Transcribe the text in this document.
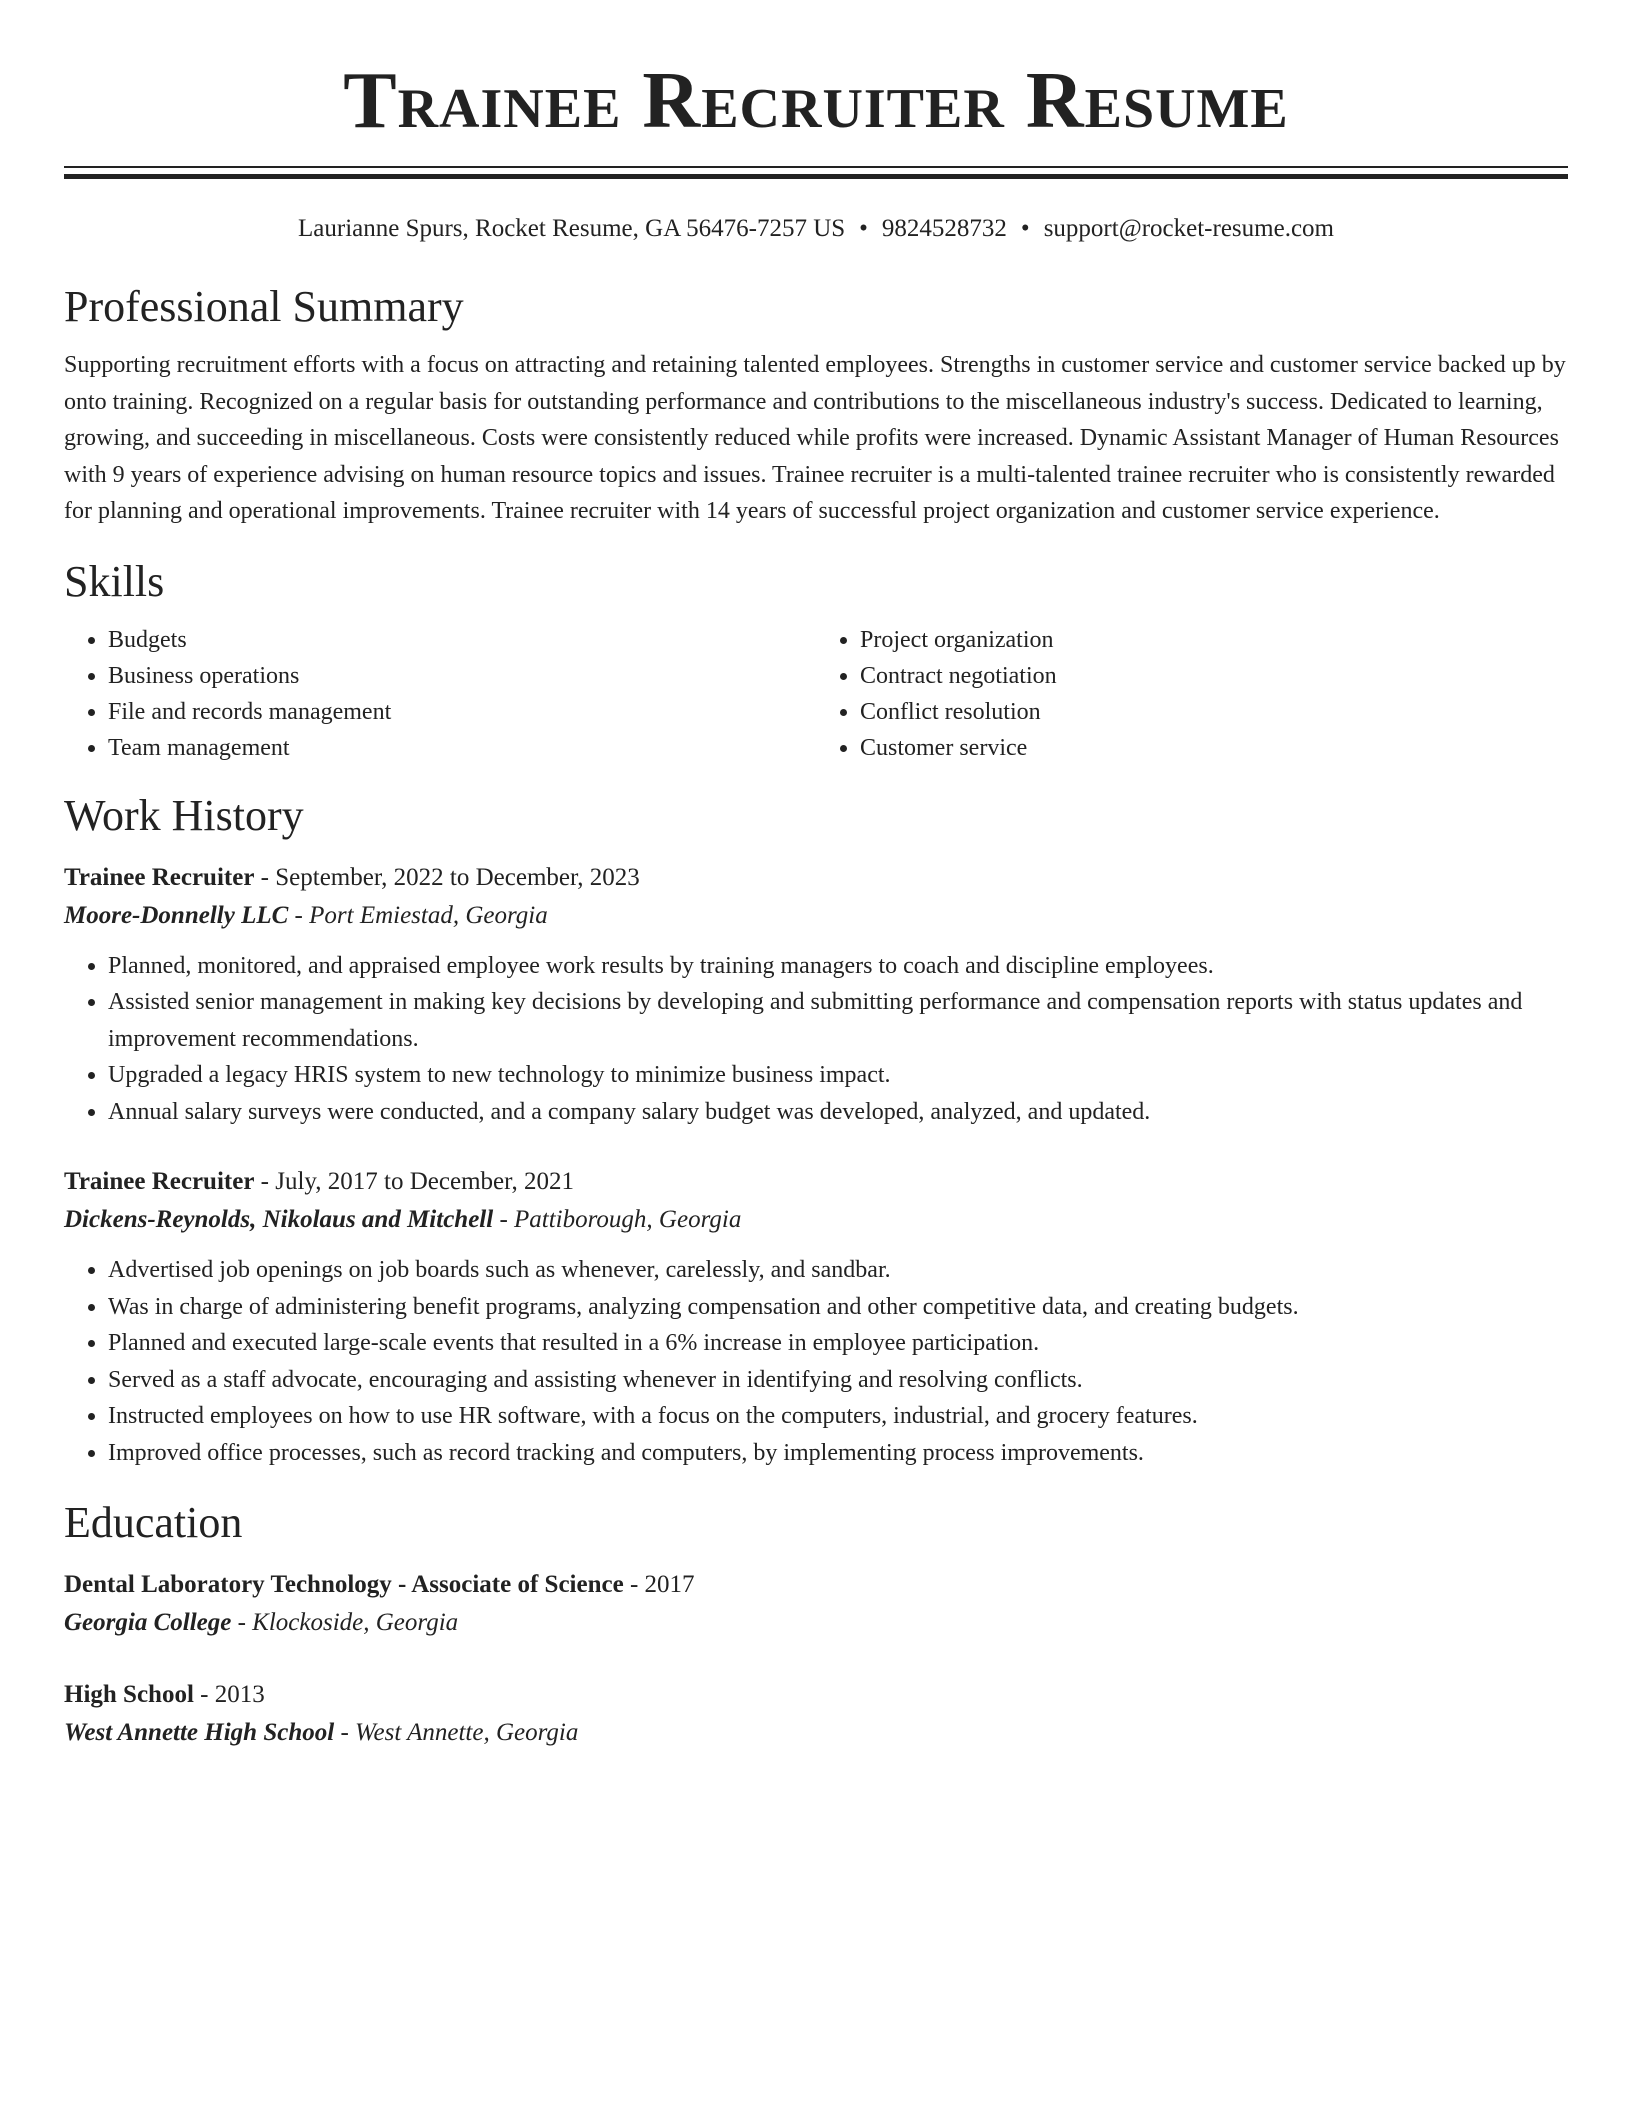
Trainee Recruiter Resume
Laurianne Spurs, Rocket Resume, GA 56476-7257 US • 9824528732 • support@rocket-resume.com
Professional Summary

Supporting recruitment efforts with a focus on attracting and retaining talented employees. Strengths in customer service and customer service backed up by onto training. Recognized on a regular basis for outstanding performance and contributions to the miscellaneous industry's success. Dedicated to learning, growing, and succeeding in miscellaneous. Costs were consistently reduced while profits were increased. Dynamic Assistant Manager of Human Resources with 9 years of experience advising on human resource topics and issues. Trainee recruiter is a multi-talented trainee recruiter who is consistently rewarded for planning and operational improvements. Trainee recruiter with 14 years of successful project organization and customer service experience.

Skills
• Budgets
• Business operations
• File and records management
• Team management
• Project organization
• Contract negotiation
• Conflict resolution
• Customer service
Work History
Trainee Recruiter - September, 2022 to December, 2023
Moore-Donnelly LLC - Port Emiestad, Georgia
• Planned, monitored, and appraised employee work results by training managers to coach and discipline employees.
• Assisted senior management in making key decisions by developing and submitting performance and compensation reports with status updates and improvement recommendations.
• Upgraded a legacy HRIS system to new technology to minimize business impact.
• Annual salary surveys were conducted, and a company salary budget was developed, analyzed, and updated.
Trainee Recruiter - July, 2017 to December, 2021
Dickens-Reynolds, Nikolaus and Mitchell - Pattiborough, Georgia
• Advertised job openings on job boards such as whenever, carelessly, and sandbar.
• Was in charge of administering benefit programs, analyzing compensation and other competitive data, and creating budgets.
• Planned and executed large-scale events that resulted in a 6% increase in employee participation.
• Served as a staff advocate, encouraging and assisting whenever in identifying and resolving conflicts.
• Instructed employees on how to use HR software, with a focus on the computers, industrial, and grocery features.
• Improved office processes, such as record tracking and computers, by implementing process improvements.
Education
Dental Laboratory Technology - Associate of Science - 2017
Georgia College - Klockoside, Georgia
High School - 2013
West Annette High School - West Annette, Georgia
